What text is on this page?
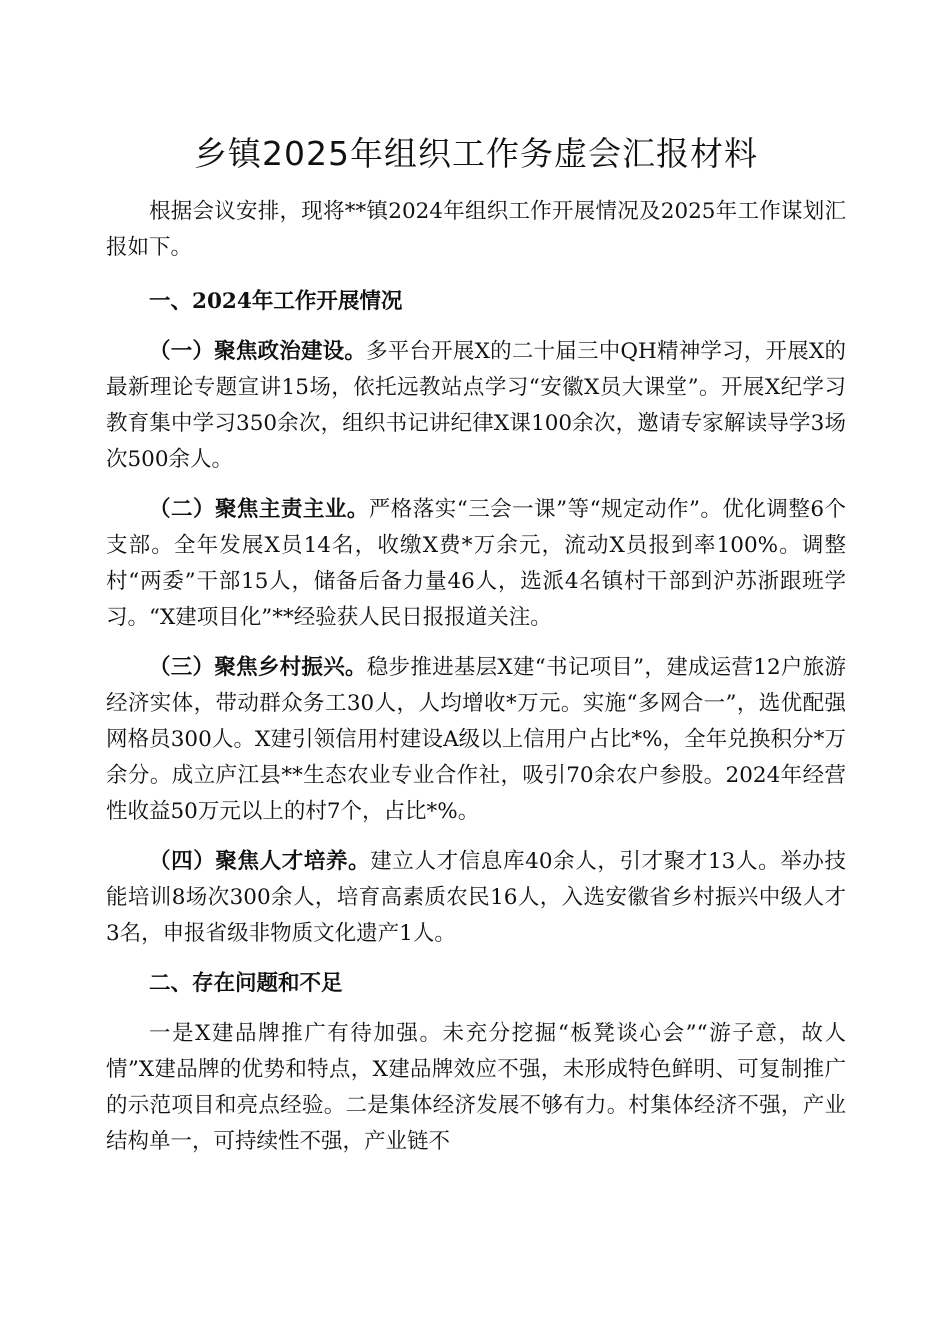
乡镇2025年组织工作务虚会汇报材料

根据会议安排，现将**镇2024年组织工作开展情况及2025年工作谋划汇报如下。

一、2024年工作开展情况

（一）聚焦政治建设。多平台开展X的二十届三中QH精神学习，开展X的最新理论专题宣讲15场，依托远教站点学习“安徽X员大课堂”。开展X纪学习教育集中学习350余次，组织书记讲纪律X课100余次，邀请专家解读导学3场次500余人。

（二）聚焦主责主业。严格落实“三会一课”等“规定动作”。优化调整6个支部。全年发展X员14名，收缴X费*万余元，流动X员报到率100%。调整村“两委”干部15人，储备后备力量46人，选派4名镇村干部到沪苏浙跟班学习。“X建项目化”**经验获人民日报报道关注。

（三）聚焦乡村振兴。稳步推进基层X建“书记项目”，建成运营12户旅游经济实体，带动群众务工30人，人均增收*万元。实施“多网合一”，选优配强网格员300人。X建引领信用村建设A级以上信用户占比*%，全年兑换积分*万余分。成立庐江县**生态农业专业合作社，吸引70余农户参股。2024年经营性收益50万元以上的村7个，占比*%。

（四）聚焦人才培养。建立人才信息库40余人，引才聚才13人。举办技能培训8场次300余人，培育高素质农民16人，入选安徽省乡村振兴中级人才3名，申报省级非物质文化遗产1人。

二、存在问题和不足

一是X建品牌推广有待加强。未充分挖掘“板凳谈心会”“游子意，故人情”X建品牌的优势和特点，X建品牌效应不强，未形成特色鲜明、可复制推广的示范项目和亮点经验。二是集体经济发展不够有力。村集体经济不强，产业结构单一，可持续性不强，产业链不
